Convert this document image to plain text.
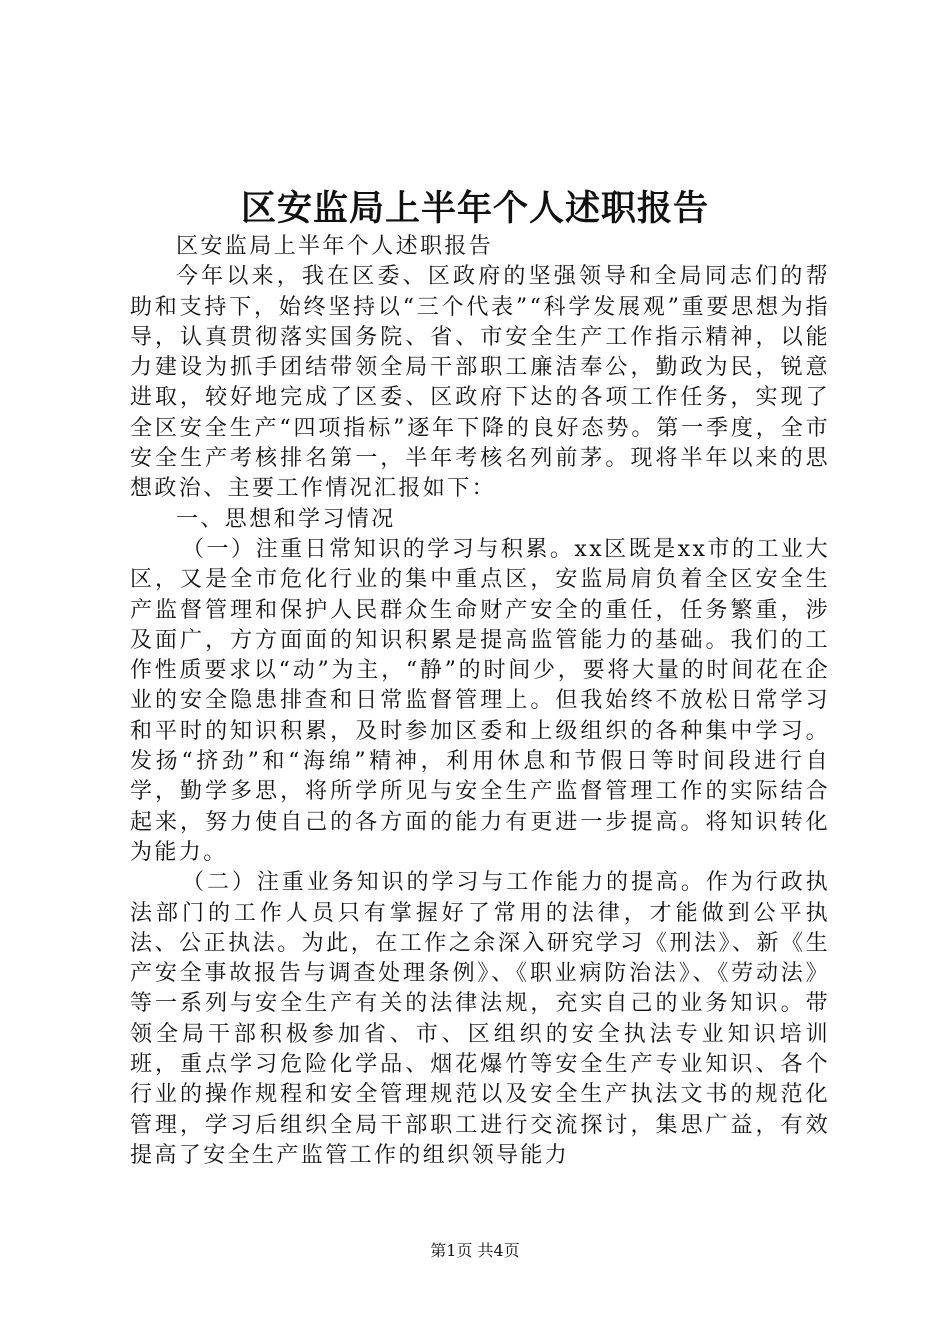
区安监局上半年个人述职报告

区安监局上半年个人述职报告

今年以来，我在区委、区政府的坚强领导和全局同志们的帮助和支持下，始终坚持以“三个代表”“科学发展观”重要思想为指导，认真贯彻落实国务院、省、市安全生产工作指示精神，以能力建设为抓手团结带领全局干部职工廉洁奉公，勤政为民，锐意进取，较好地完成了区委、区政府下达的各项工作任务，实现了全区安全生产“四项指标”逐年下降的良好态势。第一季度，全市安全生产考核排名第一，半年考核名列前茅。现将半年以来的思想政治、主要工作情况汇报如下：

一、思想和学习情况

（一）注重日常知识的学习与积累。xx区既是xx市的工业大区，又是全市危化行业的集中重点区，安监局肩负着全区安全生产监督管理和保护人民群众生命财产安全的重任，任务繁重，涉及面广，方方面面的知识积累是提高监管能力的基础。我们的工作性质要求以“动”为主，“静”的时间少，要将大量的时间花在企业的安全隐患排查和日常监督管理上。但我始终不放松日常学习和平时的知识积累，及时参加区委和上级组织的各种集中学习。发扬“挤劲”和“海绵”精神，利用休息和节假日等时间段进行自学，勤学多思，将所学所见与安全生产监督管理工作的实际结合起来，努力使自己的各方面的能力有更进一步提高。将知识转化为能力。

（二）注重业务知识的学习与工作能力的提高。作为行政执法部门的工作人员只有掌握好了常用的法律，才能做到公平执法、公正执法。为此，在工作之余深入研究学习《刑法》、新《生产安全事故报告与调查处理条例》、《职业病防治法》、《劳动法》等一系列与安全生产有关的法律法规，充实自己的业务知识。带领全局干部积极参加省、市、区组织的安全执法专业知识培训班，重点学习危险化学品、烟花爆竹等安全生产专业知识、各个行业的操作规程和安全管理规范以及安全生产执法文书的规范化管理，学习后组织全局干部职工进行交流探讨，集思广益，有效提高了安全生产监管工作的组织领导能力

第1页 共4页
